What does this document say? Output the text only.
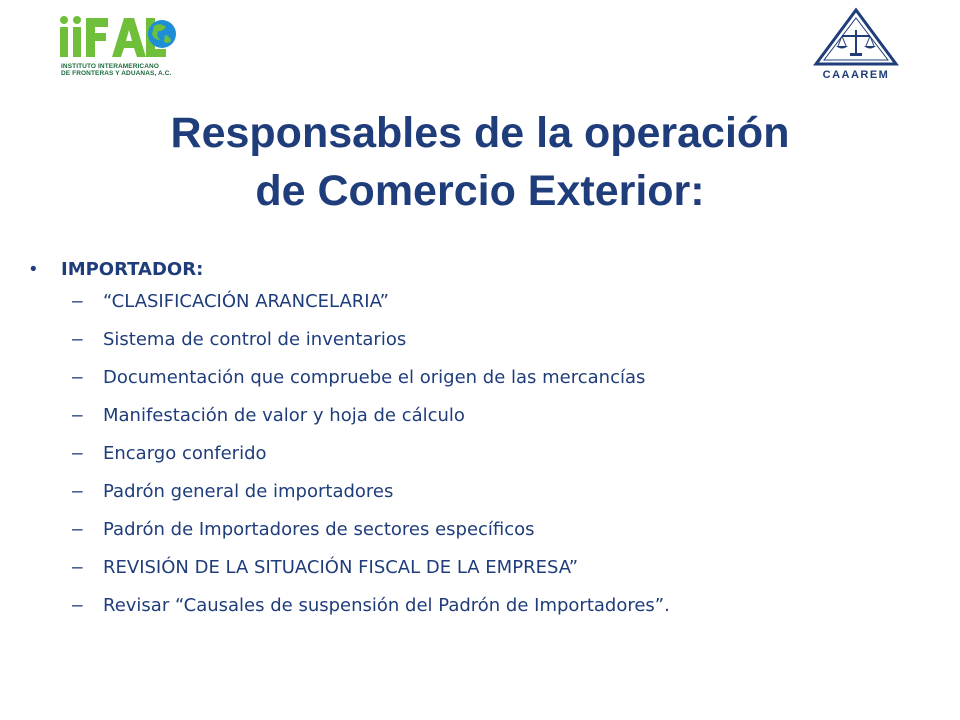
INSTITUTO INTERAMERICANO
DE FRONTERAS Y ADUANAS, A.C.	CAAAREM
Responsables de la operación
de Comercio Exterior:
• IMPORTADOR:
– “CLASIFICACIÓN ARANCELARIA”
– Sistema de control de inventarios
– Documentación que compruebe el origen de las mercancías
– Manifestación de valor y hoja de cálculo
– Encargo conferido
– Padrón general de importadores
– Padrón de Importadores de sectores específicos
– REVISIÓN DE LA SITUACIÓN FISCAL DE LA EMPRESA”
– Revisar “Causales de suspensión del Padrón de Importadores”.
